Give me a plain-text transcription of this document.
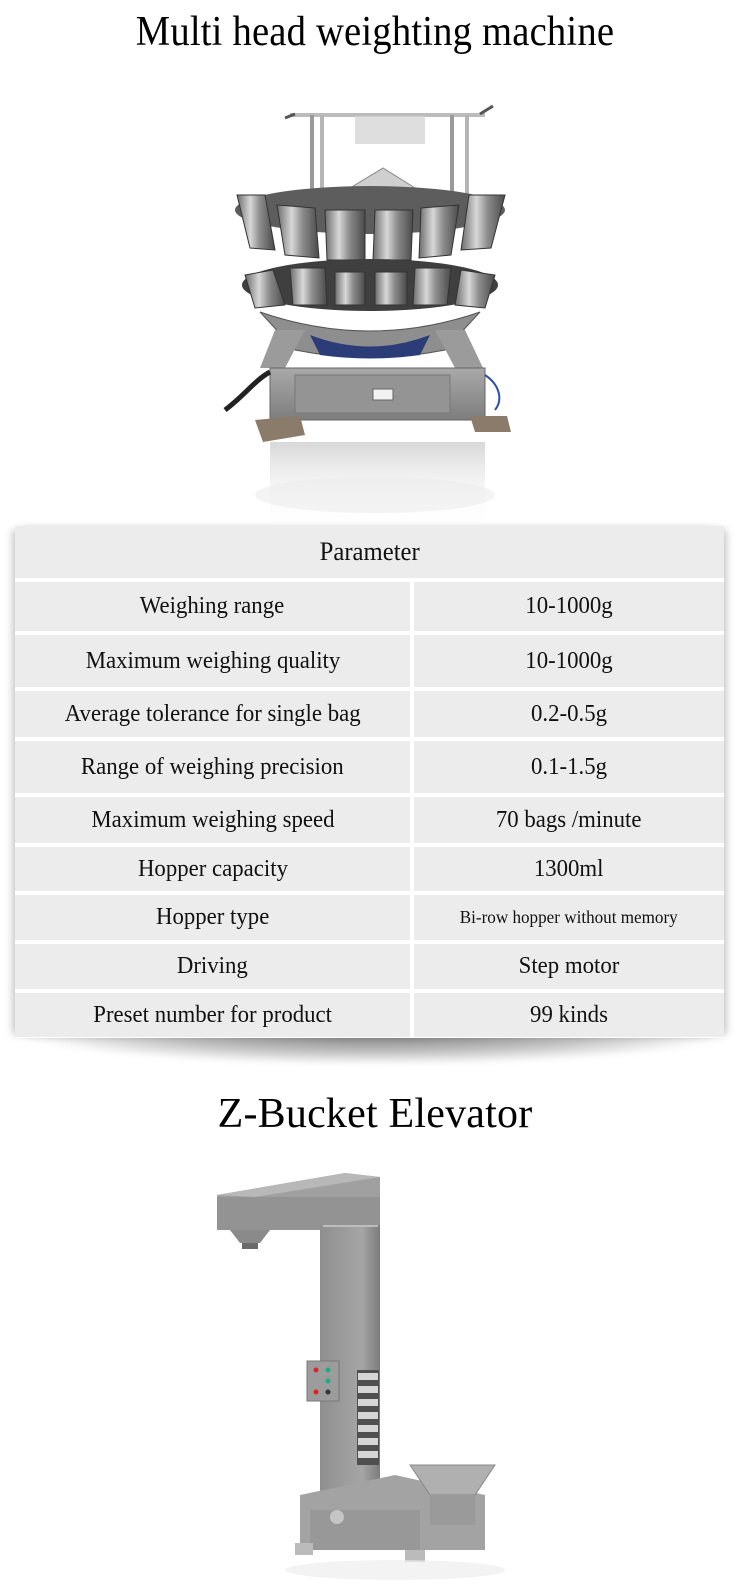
Multi head weighting machine
Parameter
Weighing range	10-1000g
Maximum weighing quality	10-1000g
Average tolerance for single bag	0.2-0.5g
Range of weighing precision	0.1-1.5g
Maximum weighing speed	70 bags /minute
Hopper capacity	1300ml
Hopper type	Bi-row hopper without memory
Driving	Step motor
Preset number for product	99 kinds
Z-Bucket Elevator
